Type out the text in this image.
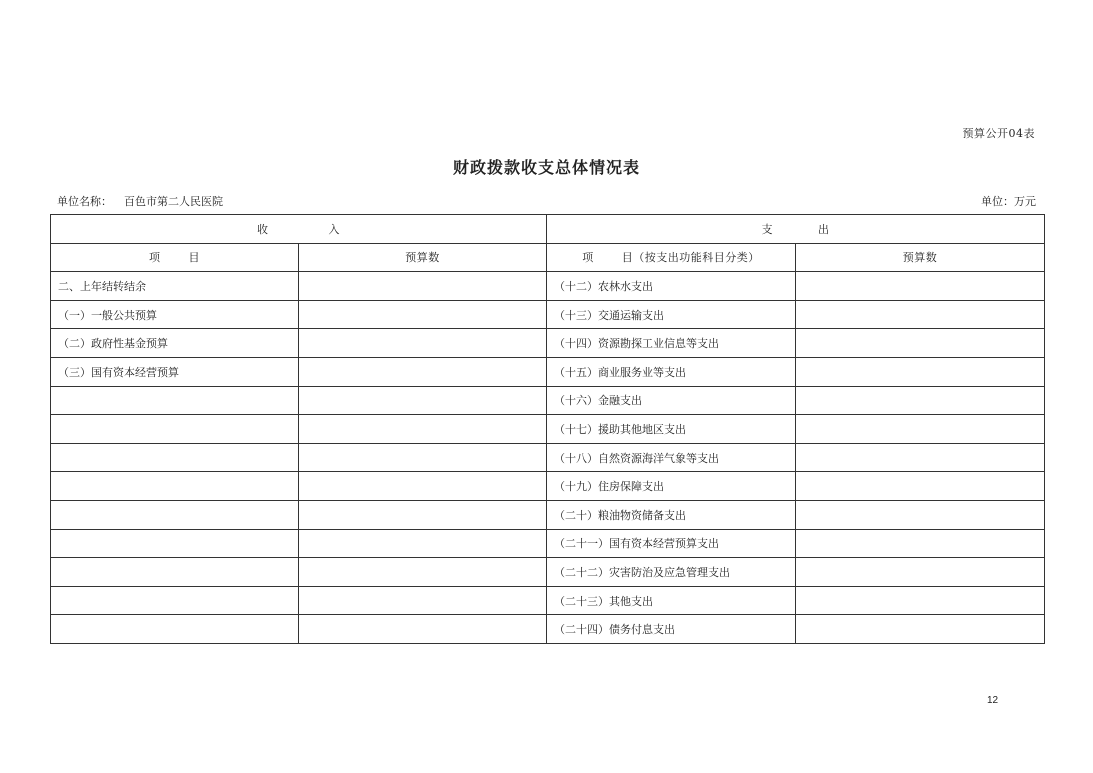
预算公开04表
财政拨款收支总体情况表
单位名称： 百色市第二人民医院	单位：万元
收 入		支 出	
项 目	预算数	项 目（按支出功能科目分类）	预算数
二、上年结转结余		（十二）农林水支出	
（一）一般公共预算		（十三）交通运输支出	
（二）政府性基金预算		（十四）资源勘探工业信息等支出	
（三）国有资本经营预算		（十五）商业服务业等支出	
		（十六）金融支出	
		（十七）援助其他地区支出	
		（十八）自然资源海洋气象等支出	
		（十九）住房保障支出	
		（二十）粮油物资储备支出	
		（二十一）国有资本经营预算支出	
		（二十二）灾害防治及应急管理支出	
		（二十三）其他支出	
		（二十四）债务付息支出	
12
